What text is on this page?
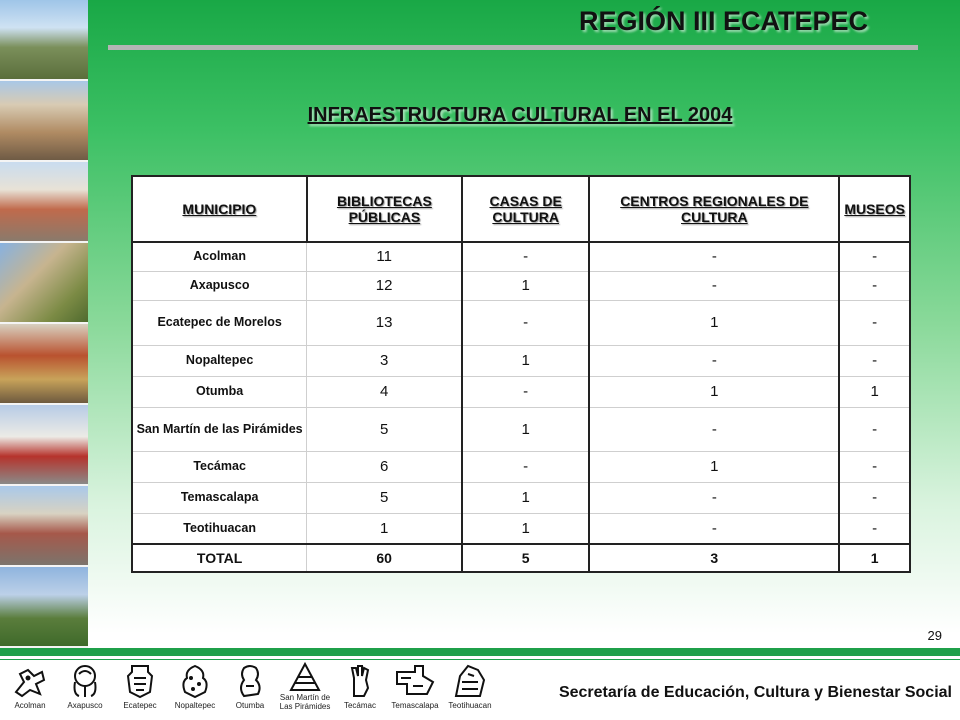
REGIÓN III ECATEPEC
INFRAESTRUCTURA CULTURAL EN EL 2004
MUNICIPIO	BIBLIOTECAS PÚBLICAS	CASAS DE CULTURA	CENTROS REGIONALES DE CULTURA	MUSEOS
Acolman	11	-	-	-
Axapusco	12	1	-	-
Ecatepec de Morelos	13	-	1	-
Nopaltepec	3	1	-	-
Otumba	4	-	1	1
San Martín de las Pirámides	5	1	-	-
Tecámac	6	-	1	-
Temascalapa	5	1	-	-
Teotihuacan	1	1	-	-
TOTAL	60	5	3	1
29
Acolman	Axapusco	Ecatepec Nopaltepec	Otumba
San Martín de Las Pirámides Tecámac Temascalapa Teotihuacan

Secretaría de Educación, Cultura y Bienestar Social
